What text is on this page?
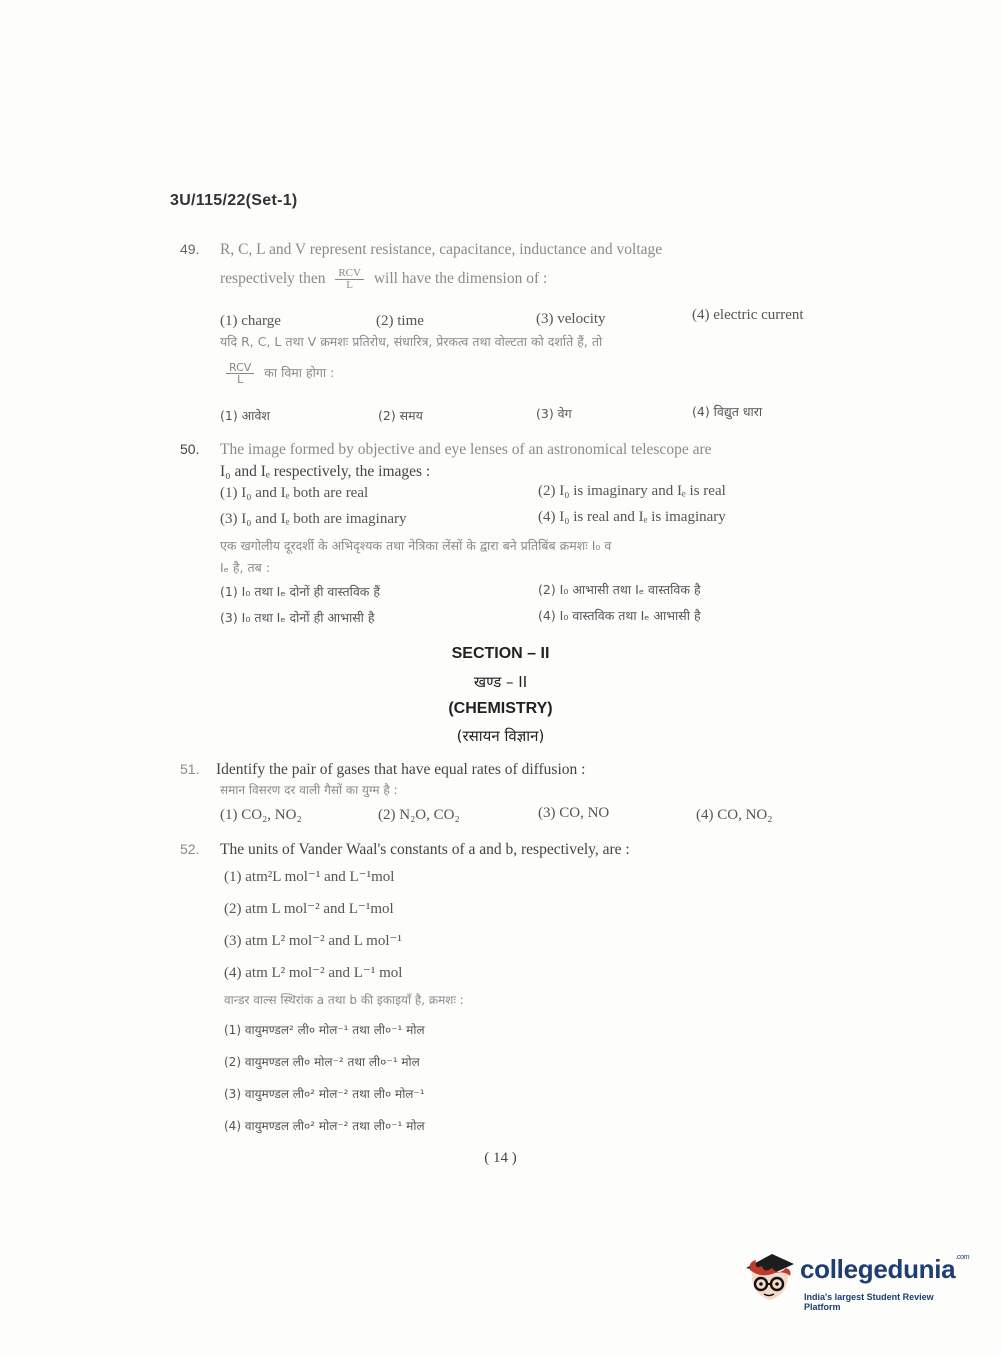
3U/115/22(Set-1)
49. R, C, L and V represent resistance, capacitance, inductance and voltage
respectively then $\frac{\text{RCV}}{L}$ will have the dimension of :
(1) charge	(2) time	(3) velocity	(4) electric current
यदि R, C, L तथा V क्रमशः प्रतिरोध, संधारित्र, प्रेरकत्व तथा वोल्टता को दर्शाते हैं, तो
$\frac{\text{RCV}}{L}$ का विमा होगा :
(1) आवेश	(2) समय	(3) वेग	(4) विद्युत धारा
50. The image formed by objective and eye lenses of an astronomical telescope are
I₀ and Iₑ respectively, the images :
(1) I₀ and Iₑ both are real	(2) I₀ is imaginary and Iₑ is real
(3) I₀ and Iₑ both are imaginary	(4) I₀ is real and Iₑ is imaginary
एक खगोलीय दूरदर्शी के अभिदृश्यक तथा नेत्रिका लेंसों के द्वारा बने प्रतिबिंब क्रमशः I₀ व
Iₑ है, तब :
(1) I₀ तथा Iₑ दोनों ही वास्तविक हैं	(2) I₀ आभासी तथा Iₑ वास्तविक है
(3) I₀ तथा Iₑ दोनों ही आभासी है	(4) I₀ वास्तविक तथा Iₑ आभासी है
SECTION – II
खण्ड – II
(CHEMISTRY)
(रसायन विज्ञान)
51. Identify the pair of gases that have equal rates of diffusion :
समान विसरण दर वाली गैसों का युग्म है :
(1) CO₂, NO₂	(2) N₂O, CO₂	(3) CO, NO	(4) CO, NO₂
52. The units of Vander Waal's constants of a and b, respectively, are :
(1) atm²L mol⁻¹ and L⁻¹mol
(2) atm L mol⁻² and L⁻¹mol
(3) atm L² mol⁻² and L mol⁻¹
(4) atm L² mol⁻² and L⁻¹ mol
वान्डर वाल्स स्थिरांक a तथा b की इकाइयाँ है, क्रमशः :
(1) वायुमण्डल² ली० मोल⁻¹ तथा ली०⁻¹ मोल
(2) वायुमण्डल ली० मोल⁻² तथा ली०⁻¹ मोल
(3) वायुमण्डल ली०² मोल⁻² तथा ली० मोल⁻¹
(4) वायुमण्डल ली०² मोल⁻² तथा ली०⁻¹ मोल
( 14 )
collegedunia$^{.com}$
India's largest Student Review Platform
